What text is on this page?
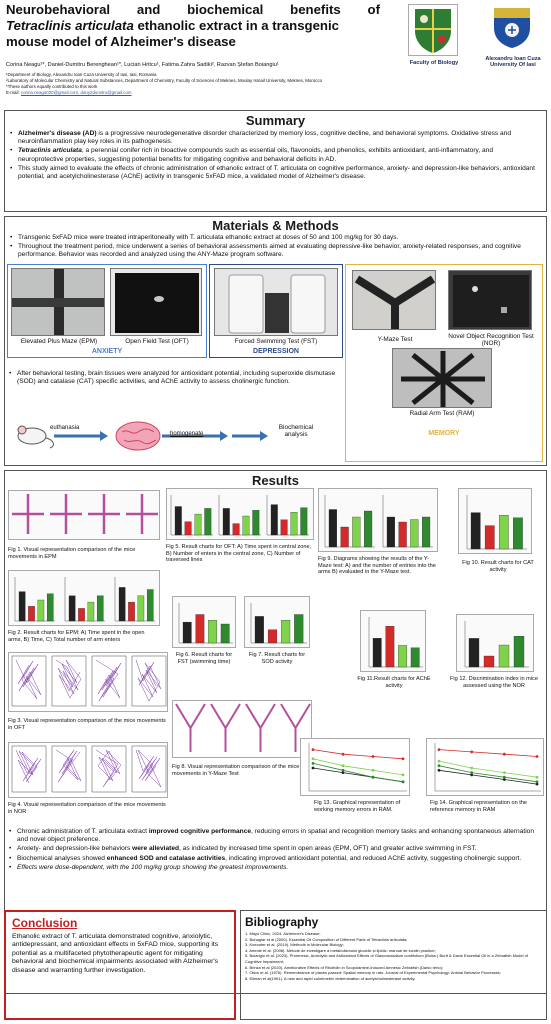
Neurobehavioral and biochemical benefits of
Tetraclinis articulata ethanolic extract in a transgenic
mouse model of Alzheimer's disease
Corina Neagu¹*, Daniel-Dumitru Berenghean¹*, Lucian Hritcu¹, Fatima Zahra Sadiki², Razvan Ștefan Boiangiu¹
¹Department of Biology, Alexandru Ioan Cuza University of Iasi, Iasi, Romania
²Laboratory of Molecular Chemistry and Natural Substances, Department of Chemistry, Faculty of Sciences of Meknes, Moulay Ismail University, Meknes, Morocco
*These authors equally contributed to this work
E-mail: corina.neagu020@gmail.com, dany2dumitru@gmail.com
Faculty of Biology
Alexandru Ioan Cuza University Of Iasi
Summary
• Alzheimer's disease (AD) is a progressive neurodegenerative disorder characterized by memory loss, cognitive decline, and behavioral symptoms. Oxidative stress and neuroinflammation play key roles in its pathogenesis.
• Tetraclinis articulata, a perennial conifer rich in bioactive compounds such as essential oils, flavonoids, and phenolics, exhibits antioxidant, anti-inflammatory, and neuroprotective properties, suggesting potential benefits for mitigating cognitive and behavioral deficits in AD.
• This study aimed to evaluate the effects of chronic administration of ethanolic extract of T. articulata on cognitive performance, anxiety- and depression-like behaviors, antioxidant potential, and acetylcholinesterase (AChE) activity in transgenic 5xFAD mice, a validated model of Alzheimer's disease.
Materials & Methods
• Transgenic 5xFAD mice were treated intraperitoneally with T. articulata ethanolic extract at doses of 50 and 100 mg/kg for 30 days.
• Throughout the treatment period, mice underwent a series of behavioral assessments aimed at evaluating depressive-like behavior, anxiety-related responses, and cognitive performance. Behavior was recorded and analyzed using the ANY-Maze program software.
Elevated Plus Maze (EPM)	Open Field Test (OFT)
ANXIETY
Forced Swimming Test (FST)
DEPRESSION
Y-Maze Test	Novel Object Recognition Test (NOR)
Radial Arm Test (RAM)
MEMORY
• After behavioral testing, brain tissues were analyzed for antioxidant potential, including superoxide dismutase (SOD) and catalase (CAT) specific activities, and AChE activity to assess cholinergic function.
euthanasia
homogenate
Biochemical analysis
Results
Fig 1. Visual representation comparison of the mice movements in EPM
Fig 2. Result charts for EPM: A) Time spent in the open arms, B) Time, C) Total number of arm enters
Fig 3. Visual representation comparison of the mice movements in OFT
Fig 4. Visual representation comparison of the mice movements in NOR
Fig 5. Result charts for OFT: A) Time spent in central zone, B) Number of enters in the central zone, C) Number of traversed lines
Fig 6. Result charts for FST (swimming time)
Fig 7. Result charts for SOD activity
Fig 8. Visual representation comparison of the mice movements in Y-Maze Test
Fig 9. Diagrams showing the results of the Y-Maze test: A) and the number of entries into the arms B) evaluated in the Y-Maze test.
Fig 10. Result charts for CAT activity
Fig 11.Result charts for AChE activity
Fig 12. Discrimination index in mice assessed using the NOR
Fig 13. Graphical representation of working memory errors in RAM.
Fig 14. Graphical representation on the reference memory in RAM
• Chronic administration of T. articulata extract improved cognitive performance, reducing errors in spatial and recognition memory tasks and enhancing spontaneous alternation and novel object preference.
• Anxiety- and depression-like behaviors were alleviated, as indicated by increased time spent in open areas (EPM, OFT) and greater active swimming in FST.
• Biochemical analyses showed enhanced SOD and catalase activities, indicating improved antioxidant potential, and reduced AChE activity, suggesting cholinergic support.
• Effects were dose-dependent, with the 100 mg/kg group showing the greatest improvements.
Conclusion
Ethanolic extract of T. articulata demonstrated cognitive, anxiolytic, antidepressant, and antioxidant effects in 5xFAD mice, supporting its potential as a multifaceted phytotherapeutic agent for mitigating behavioral and biochemical impairments associated with Alzheimer's disease and warranting further investigation.
Bibliography
1. Mayo Clinic, 2024. Alzheimer's Disease;
2. Buhagiar et al (2000). Essential Oil Composition of Different Parts of Tetraclinis articulata;
3. Koeouter et al. (2019). Methods in Molecular Biology;
4. Artenie et al. (2008). Metode de investigare a metabolismului glucidic și lipidic: manual de lucrări practice;
5. Boiangiu et al. (2023). Promnesic, Anxiolytic and Antioxidant Effects of Glaucosciadium cordifolium (Boiss.) Burtt & Davis Essential Oil in a Zebrafish Model of Cognitive Impairment;
6. Brinza et al (2020). Ameliorative Effects of Rhoifolin in Scopolamine-Induced Amnesic Zebrafish (Danio rerio);
7. Olton et al. (1976). Remembrance of places passed: Spatial memory in rats. Journal of Experimental Psychology: Animal Behavior Processes;
8. Ellman et al(1961). A new and rapid colorimetric determination of acetylcholinesterase activity.
